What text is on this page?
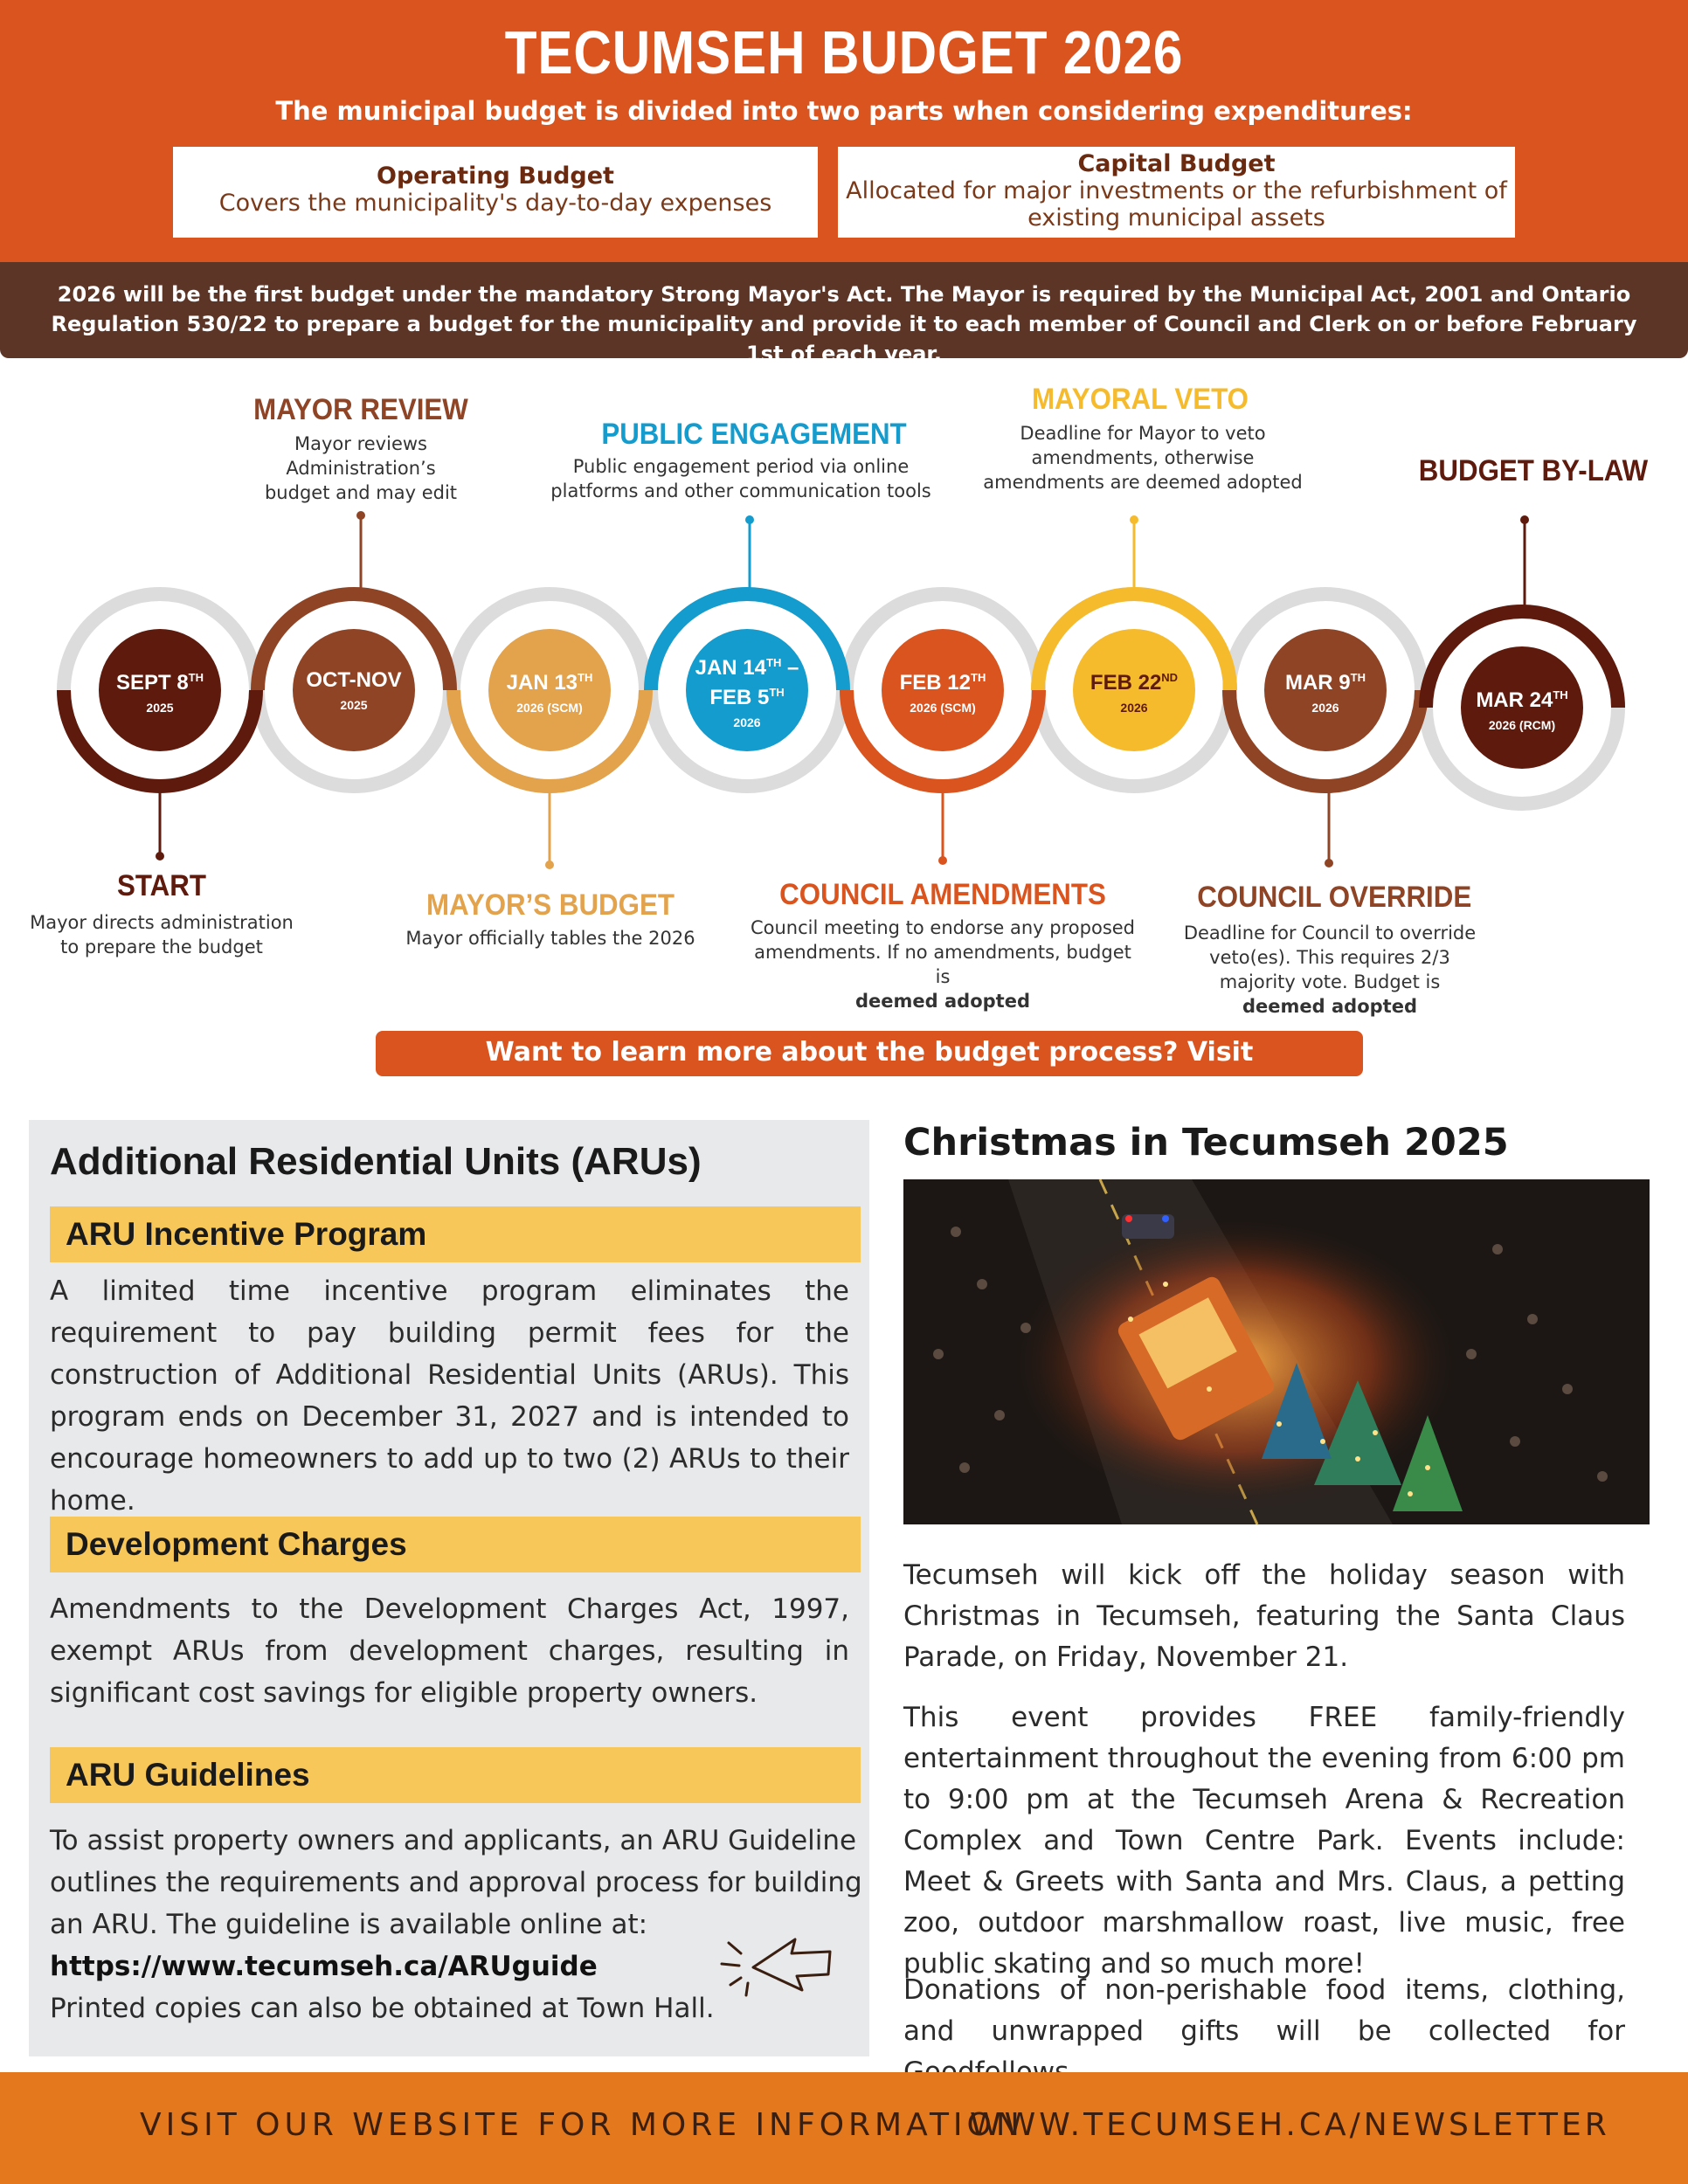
TECUMSEH BUDGET 2026
The municipal budget is divided into two parts when considering expenditures:
Operating Budget
Covers the municipality's day-to-day expenses
Capital Budget
Allocated for major investments or the refurbishment of existing municipal assets
2026 will be the first budget under the mandatory Strong Mayor's Act. The Mayor is required by the Municipal Act, 2001 and Ontario Regulation 530/22 to prepare a budget for the municipality and provide it to each member of Council and Clerk on or before February 1st of each year.
SEPT 8TH
2025
OCT-NOV
2025
JAN 13TH
2026 (SCM)
JAN 14TH –
FEB 5TH
2026
FEB 12TH
2026 (SCM)
FEB 22ND
2026
MAR 9TH
2026	MAR 24TH
2026 (RCM)
START
Mayor directs administration to prepare the budget
MAYOR REVIEW
Mayor reviews Administration’s budget and may edit
MAYOR’S BUDGET
Mayor officially tables the 2026
PUBLIC ENGAGEMENT
Public engagement period via online platforms and other communication tools
COUNCIL AMENDMENTS
Council meeting to endorse any proposed amendments. If no amendments, budget is
deemed adopted
MAYORAL VETO
Deadline for Mayor to veto amendments, otherwise amendments are deemed adopted
COUNCIL OVERRIDE
Deadline for Council to override veto(es). This requires 2/3 majority vote. Budget is deemed adopted
BUDGET BY-LAW
Want to learn more about the budget process? Visit tecumseh.ca/budget
Additional Residential Units (ARUs)
ARU Incentive Program
A limited time incentive program eliminates the requirement to pay building permit fees for the construction of Additional Residential Units (ARUs). This program ends on December 31, 2027 and is intended to encourage homeowners to add up to two (2) ARUs to their home.
Development Charges
Amendments to the Development Charges Act, 1997, exempt ARUs from development charges, resulting in significant cost savings for eligible property owners.
ARU Guidelines
To assist property owners and applicants, an ARU Guideline outlines the requirements and approval process for building an ARU. The guideline is available online at:
https://www.tecumseh.ca/ARUguide
Printed copies can also be obtained at Town Hall.
Christmas in Tecumseh 2025
Tecumseh will kick off the holiday season with Christmas in Tecumseh, featuring the Santa Claus Parade, on Friday, November 21.
This event provides FREE family-friendly entertainment throughout the evening from 6:00 pm to 9:00 pm at the Tecumseh Arena & Recreation Complex and Town Centre Park. Events include: Meet & Greets with Santa and Mrs. Claus, a petting zoo, outdoor marshmallow roast, live music, free public skating and so much more!
Donations of non-perishable food items, clothing, and unwrapped gifts will be collected for
VISIT OUR WEBSITE FOR MORE INFORMATION
WWW.TECUMSEH.CA/NEWSLETTER
